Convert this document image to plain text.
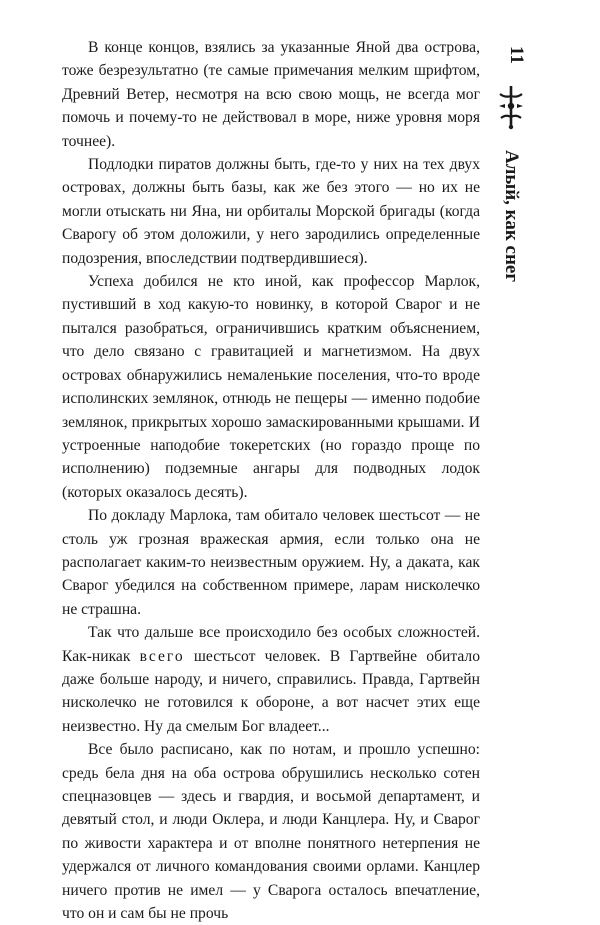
В конце концов, взялись за указанные Яной два острова, тоже безрезультатно (те самые примечания мелким шрифтом, Древний Ветер, несмотря на всю свою мощь, не всегда мог помочь и почему-то не действовал в море, ниже уровня моря точнее).

Подлодки пиратов должны быть, где-то у них на тех двух островах, должны быть базы, как же без этого — но их не могли отыскать ни Яна, ни орбиталы Морской бригады (когда Сварогу об этом доложили, у него зародились определенные подозрения, впоследствии подтвердившиеся).

Успеха добился не кто иной, как профессор Марлок, пустивший в ход какую-то новинку, в которой Сварог и не пытался разобраться, ограничившись кратким объяснением, что дело связано с гравитацией и магнетизмом. На двух островах обнаружились немаленькие поселения, что-то вроде исполинских землянок, отнюдь не пещеры — именно подобие землянок, прикрытых хорошо замаскированными крышами. И устроенные наподобие токеретских (но гораздо проще по исполнению) подземные ангары для подводных лодок (которых оказалось десять).

По докладу Марлока, там обитало человек шестьсот — не столь уж грозная вражеская армия, если только она не располагает каким-то неизвестным оружием. Ну, а даката, как Сварог убедился на собственном примере, ларам нисколечко не страшна.

Так что дальше все происходило без особых сложностей. Как-никак всего шестьсот человек. В Гартвейне обитало даже больше народу, и ничего, справились. Правда, Гартвейн нисколечко не готовился к обороне, а вот насчет этих еще неизвестно. Ну да смелым Бог владеет...

Все было расписано, как по нотам, и прошло успешно: средь бела дня на оба острова обрушились несколько сотен спецназовцев — здесь и гвардия, и восьмой департамент, и девятый стол, и люди Оклера, и люди Канцлера. Ну, и Сварог по живости характера и от вполне понятного нетерпения не удержался от личного командования своими орлами. Канцлер ничего против не имел — у Сварога осталось впечатление, что он и сам бы не прочь

11
Алый, как снег
